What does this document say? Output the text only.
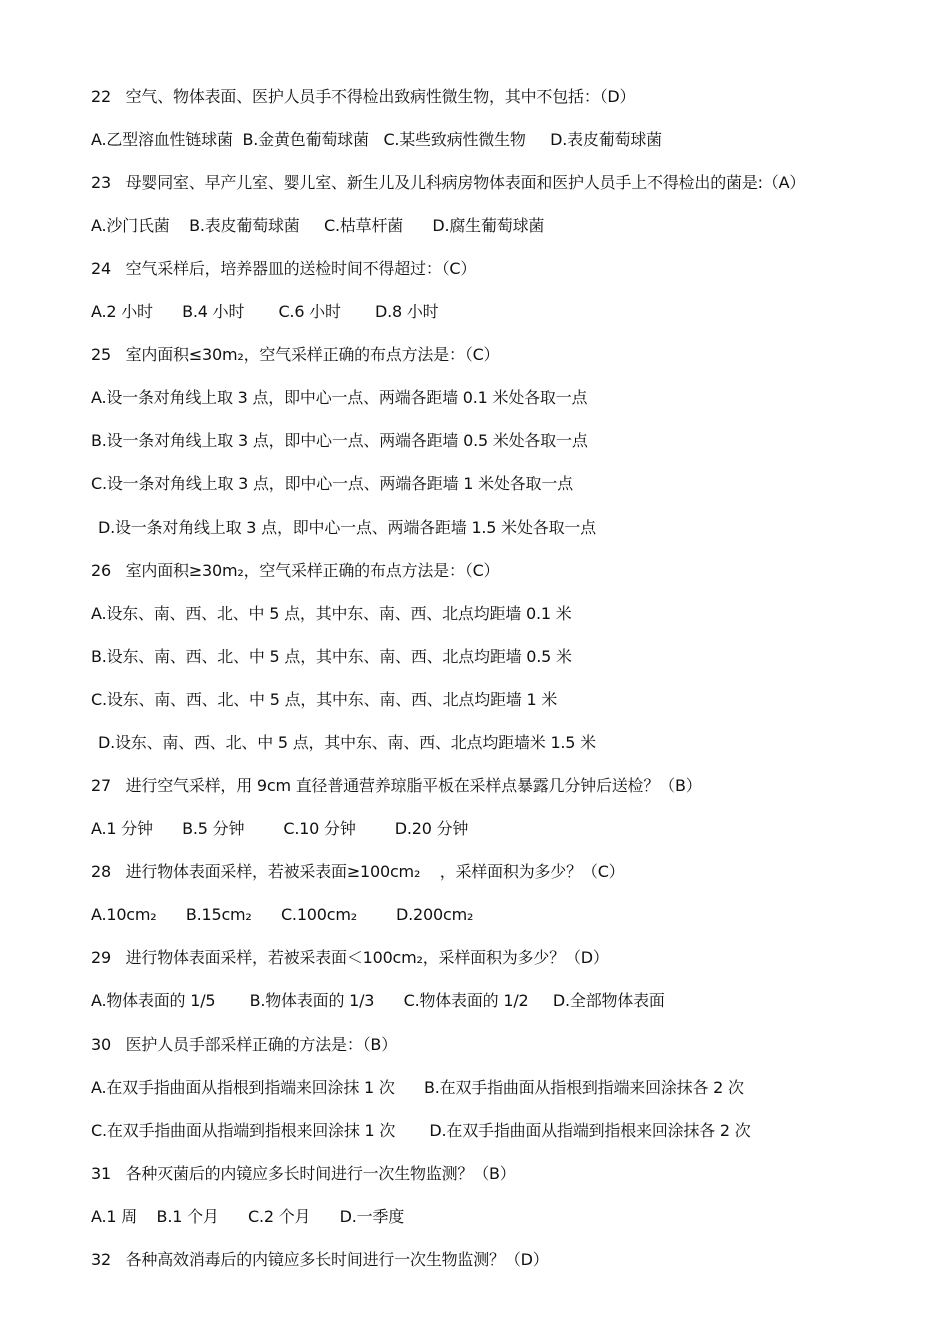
22   空气、物体表面、医护人员手不得检出致病性微生物，其中不包括：（D）
A.乙型溶血性链球菌  B.金黄色葡萄球菌   C.某些致病性微生物     D.表皮葡萄球菌
23   母婴同室、早产儿室、婴儿室、新生儿及儿科病房物体表面和医护人员手上不得检出的菌是:（A）
A.沙门氏菌    B.表皮葡萄球菌     C.枯草杆菌      D.腐生葡萄球菌
24   空气采样后，培养器皿的送检时间不得超过：（C）
A.2 小时      B.4 小时       C.6 小时       D.8 小时
25   室内面积≤30m₂，空气采样正确的布点方法是：（C）
A.设一条对角线上取 3 点，即中心一点、两端各距墙 0.1 米处各取一点
B.设一条对角线上取 3 点，即中心一点、两端各距墙 0.5 米处各取一点
C.设一条对角线上取 3 点，即中心一点、两端各距墙 1 米处各取一点
D.设一条对角线上取 3 点，即中心一点、两端各距墙 1.5 米处各取一点
26   室内面积≥30m₂，空气采样正确的布点方法是：（C）
A.设东、南、西、北、中 5 点，其中东、南、西、北点均距墙 0.1 米
B.设东、南、西、北、中 5 点，其中东、南、西、北点均距墙 0.5 米
C.设东、南、西、北、中 5 点，其中东、南、西、北点均距墙 1 米
D.设东、南、西、北、中 5 点，其中东、南、西、北点均距墙米 1.5 米
27   进行空气采样，用 9cm 直径普通营养琼脂平板在采样点暴露几分钟后送检？（B）
A.1 分钟      B.5 分钟        C.10 分钟        D.20 分钟
28   进行物体表面采样，若被采表面≥100cm₂    ，采样面积为多少？（C）
A.10cm₂      B.15cm₂      C.100cm₂        D.200cm₂
29   进行物体表面采样，若被采表面＜100cm₂，采样面积为多少？（D）
A.物体表面的 1/5       B.物体表面的 1/3      C.物体表面的 1/2     D.全部物体表面
30   医护人员手部采样正确的方法是：（B）
A.在双手指曲面从指根到指端来回涂抹 1 次      B.在双手指曲面从指根到指端来回涂抹各 2 次
C.在双手指曲面从指端到指根来回涂抹 1 次       D.在双手指曲面从指端到指根来回涂抹各 2 次
31   各种灭菌后的内镜应多长时间进行一次生物监测？（B）
A.1 周    B.1 个月      C.2 个月      D.一季度
32   各种高效消毒后的内镜应多长时间进行一次生物监测？（D）
